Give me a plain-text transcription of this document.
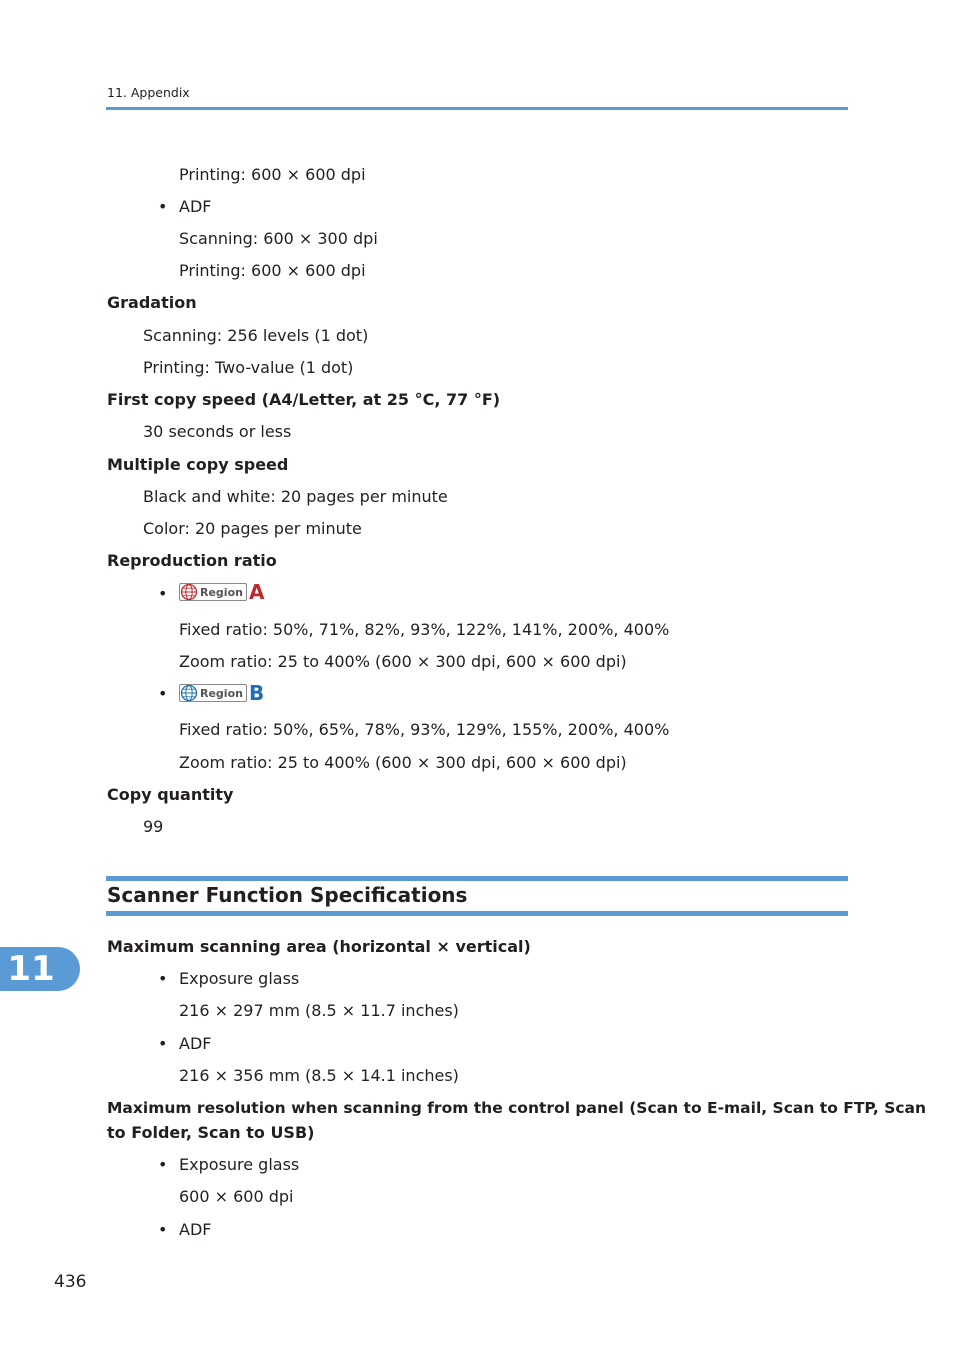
11. Appendix
Printing: 600 × 600 dpi
• ADF
Scanning: 600 × 300 dpi
Printing: 600 × 600 dpi
Gradation
Scanning: 256 levels (1 dot)
Printing: Two-value (1 dot)
First copy speed (A4/Letter, at 25 °C, 77 °F)
30 seconds or less
Multiple copy speed
Black and white: 20 pages per minute
Color: 20 pages per minute
Reproduction ratio
•	Region A
Fixed ratio: 50%, 71%, 82%, 93%, 122%, 141%, 200%, 400%
Zoom ratio: 25 to 400% (600 × 300 dpi, 600 × 600 dpi)
•	Region B
Fixed ratio: 50%, 65%, 78%, 93%, 129%, 155%, 200%, 400%
Zoom ratio: 25 to 400% (600 × 300 dpi, 600 × 600 dpi)
Copy quantity
99
Scanner Function Specifications
Maximum scanning area (horizontal × vertical)
• Exposure glass
216 × 297 mm (8.5 × 11.7 inches)
• ADF
216 × 356 mm (8.5 × 14.1 inches)
Maximum resolution when scanning from the control panel (Scan to E-mail, Scan to FTP, Scan
to Folder, Scan to USB)
• Exposure glass
600 × 600 dpi
• ADF
11
436
